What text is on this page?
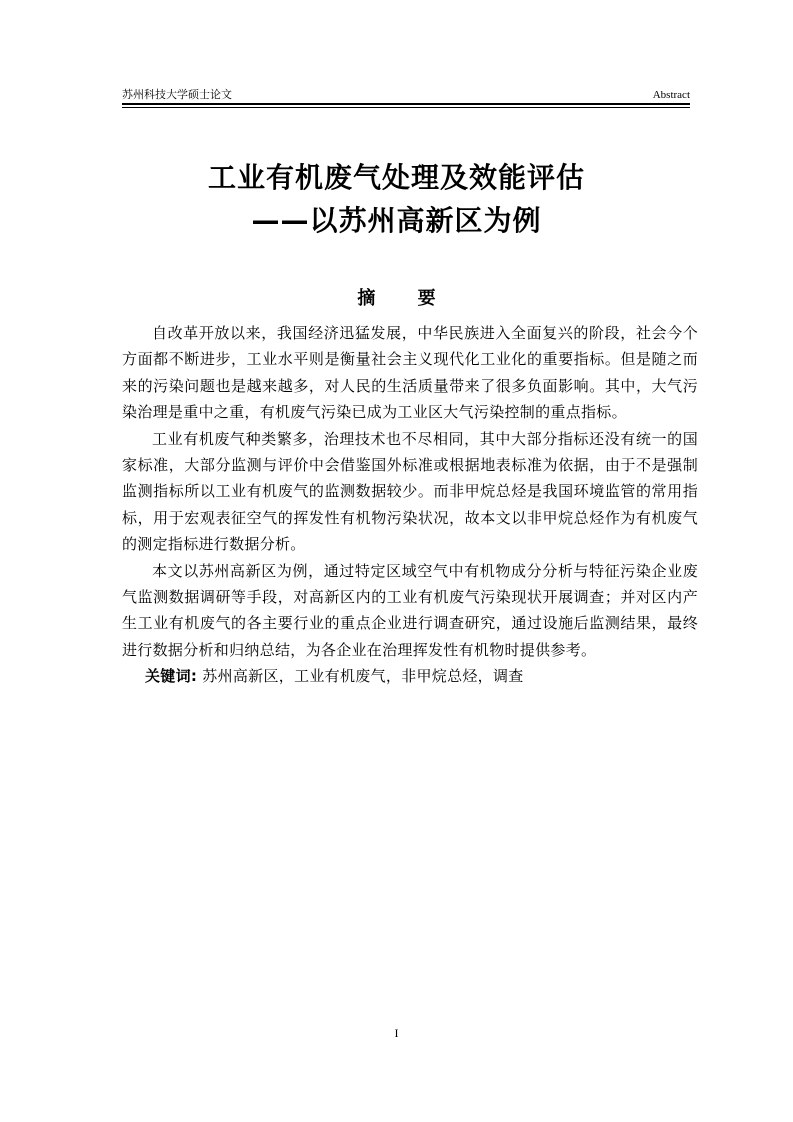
苏州科技大学硕士论文	Abstract
工业有机废气处理及效能评估
——以苏州高新区为例
摘 要

自改革开放以来，我国经济迅猛发展，中华民族进入全面复兴的阶段，社会今个方面都不断进步，工业水平则是衡量社会主义现代化工业化的重要指标。但是随之而来的污染问题也是越来越多，对人民的生活质量带来了很多负面影响。其中，大气污染治理是重中之重，有机废气污染已成为工业区大气污染控制的重点指标。

工业有机废气种类繁多，治理技术也不尽相同，其中大部分指标还没有统一的国家标准，大部分监测与评价中会借鉴国外标准或根据地表标准为依据，由于不是强制监测指标所以工业有机废气的监测数据较少。而非甲烷总烃是我国环境监管的常用指标，用于宏观表征空气的挥发性有机物污染状况，故本文以非甲烷总烃作为有机废气的测定指标进行数据分析。

本文以苏州高新区为例，通过特定区域空气中有机物成分分析与特征污染企业废气监测数据调研等手段，对高新区内的工业有机废气污染现状开展调查；并对区内产生工业有机废气的各主要行业的重点企业进行调查研究，通过设施后监测结果，最终进行数据分析和归纳总结，为各企业在治理挥发性有机物时提供参考。

关键词: 苏州高新区，工业有机废气，非甲烷总烃，调查

I
